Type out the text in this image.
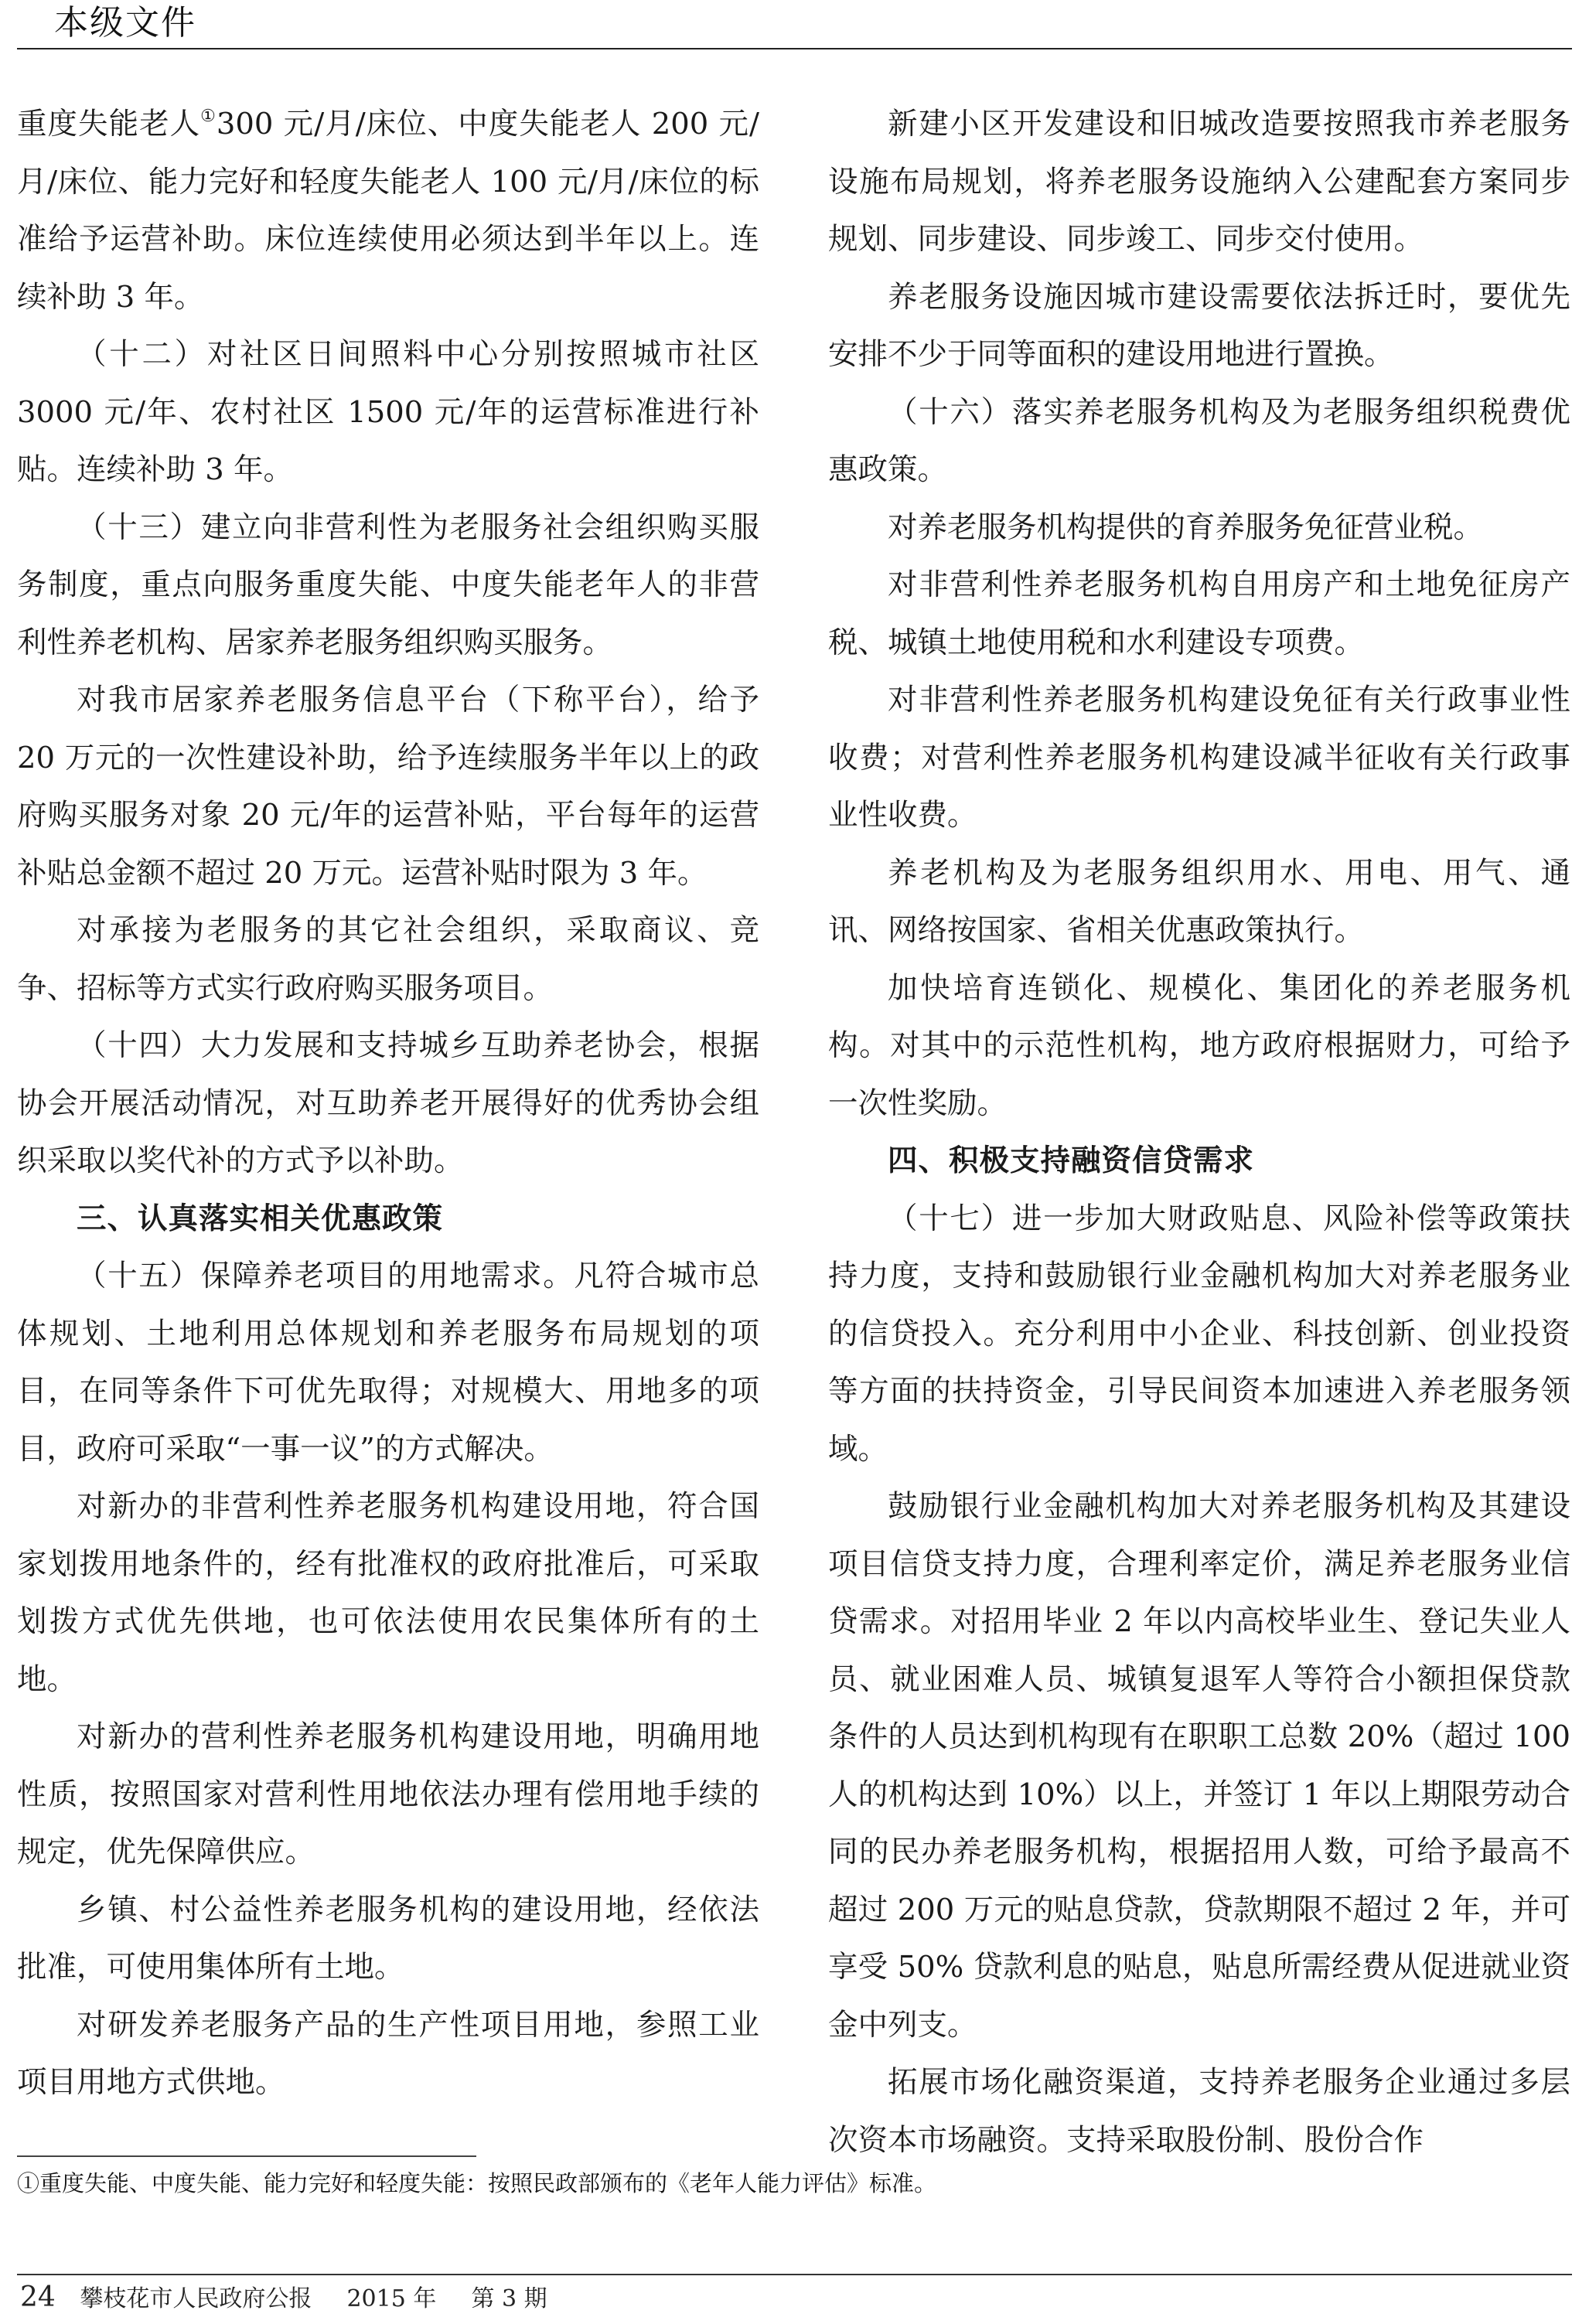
本级文件

重度失能老人①300 元/月/床位、中度失能老人 200 元/月/床位、能力完好和轻度失能老人 100 元/月/床位的标准给予运营补助。床位连续使用必须达到半年以上。连续补助 3 年。

（十二）对社区日间照料中心分别按照城市社区 3000 元/年、农村社区 1500 元/年的运营标准进行补贴。连续补助 3 年。

（十三）建立向非营利性为老服务社会组织购买服务制度，重点向服务重度失能、中度失能老年人的非营利性养老机构、居家养老服务组织购买服务。

对我市居家养老服务信息平台（下称平台），给予 20 万元的一次性建设补助，给予连续服务半年以上的政府购买服务对象 20 元/年的运营补贴，平台每年的运营补贴总金额不超过 20 万元。运营补贴时限为 3 年。

对承接为老服务的其它社会组织，采取商议、竞争、招标等方式实行政府购买服务项目。

（十四）大力发展和支持城乡互助养老协会，根据协会开展活动情况，对互助养老开展得好的优秀协会组织采取以奖代补的方式予以补助。

三、认真落实相关优惠政策

（十五）保障养老项目的用地需求。凡符合城市总体规划、土地利用总体规划和养老服务布局规划的项目，在同等条件下可优先取得；对规模大、用地多的项目，政府可采取“一事一议”的方式解决。

对新办的非营利性养老服务机构建设用地，符合国家划拨用地条件的，经有批准权的政府批准后，可采取划拨方式优先供地，也可依法使用农民集体所有的土地。

对新办的营利性养老服务机构建设用地，明确用地性质，按照国家对营利性用地依法办理有偿用地手续的规定，优先保障供应。

乡镇、村公益性养老服务机构的建设用地，经依法批准，可使用集体所有土地。

对研发养老服务产品的生产性项目用地，参照工业项目用地方式供地。

新建小区开发建设和旧城改造要按照我市养老服务设施布局规划，将养老服务设施纳入公建配套方案同步规划、同步建设、同步竣工、同步交付使用。

养老服务设施因城市建设需要依法拆迁时，要优先安排不少于同等面积的建设用地进行置换。

（十六）落实养老服务机构及为老服务组织税费优惠政策。

对养老服务机构提供的育养服务免征营业税。

对非营利性养老服务机构自用房产和土地免征房产税、城镇土地使用税和水利建设专项费。

对非营利性养老服务机构建设免征有关行政事业性收费；对营利性养老服务机构建设减半征收有关行政事业性收费。

养老机构及为老服务组织用水、用电、用气、通讯、网络按国家、省相关优惠政策执行。

加快培育连锁化、规模化、集团化的养老服务机构。对其中的示范性机构，地方政府根据财力，可给予一次性奖励。

四、积极支持融资信贷需求

（十七）进一步加大财政贴息、风险补偿等政策扶持力度，支持和鼓励银行业金融机构加大对养老服务业的信贷投入。充分利用中小企业、科技创新、创业投资等方面的扶持资金，引导民间资本加速进入养老服务领域。

鼓励银行业金融机构加大对养老服务机构及其建设项目信贷支持力度，合理利率定价，满足养老服务业信贷需求。对招用毕业 2 年以内高校毕业生、登记失业人员、就业困难人员、城镇复退军人等符合小额担保贷款条件的人员达到机构现有在职职工总数 20%（超过 100 人的机构达到 10%）以上，并签订 1 年以上期限劳动合同的民办养老服务机构，根据招用人数，可给予最高不超过 200 万元的贴息贷款，贷款期限不超过 2 年，并可享受 50% 贷款利息的贴息，贴息所需经费从促进就业资金中列支。

拓展市场化融资渠道，支持养老服务企业通过多层次资本市场融资。支持采取股份制、股份合作

①重度失能、中度失能、能力完好和轻度失能：按照民政部颁布的《老年人能力评估》标准。
24 攀枝花市人民政府公报 2015 年 第 3 期
